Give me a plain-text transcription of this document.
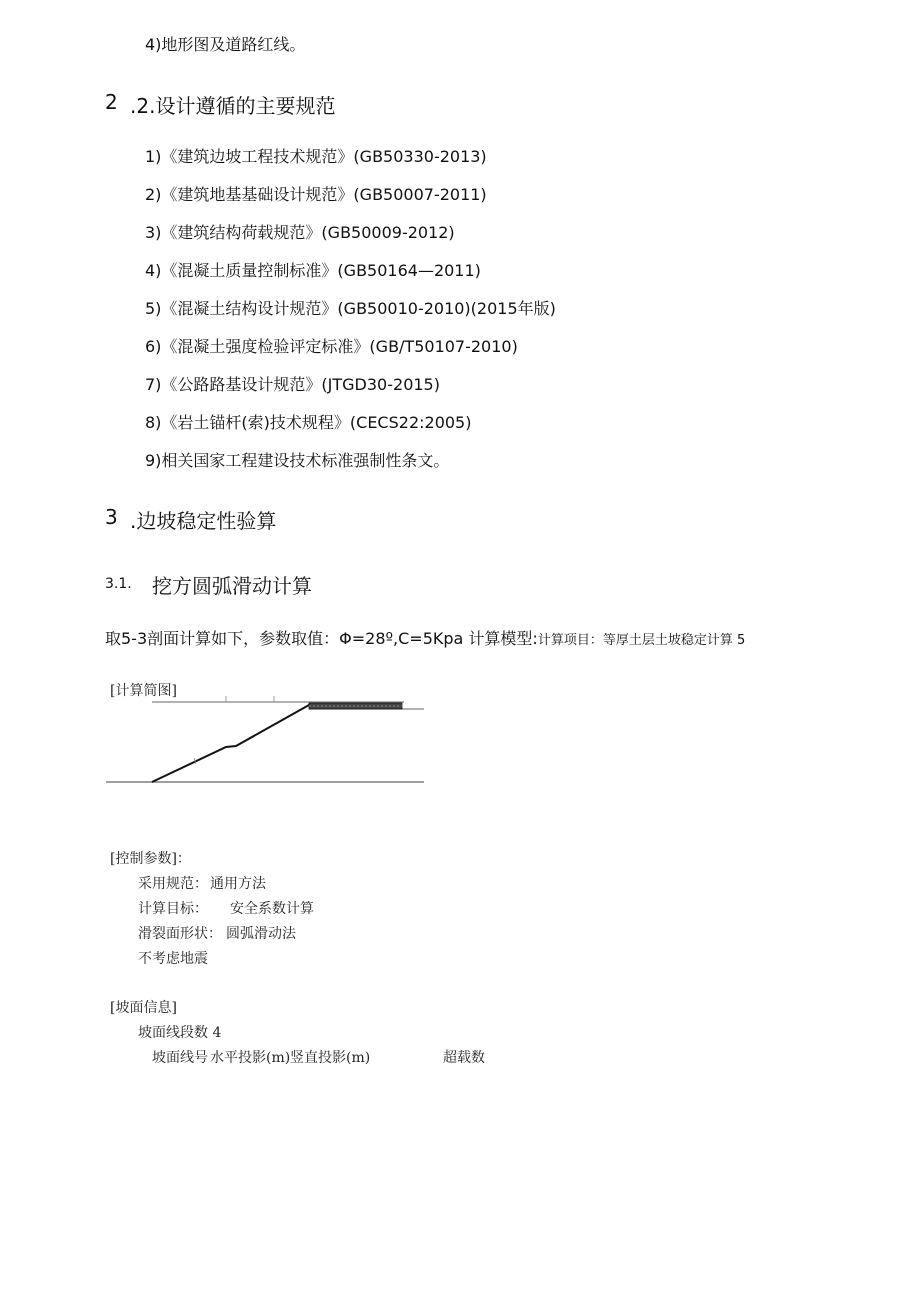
4)地形图及道路红线。
2 .2.设计遵循的主要规范
1)《建筑边坡工程技术规范》(GB50330-2013)
2)《建筑地基基础设计规范》(GB50007-2011)
3)《建筑结构荷载规范》(GB50009-2012)
4)《混凝土质量控制标准》(GB50164—2011)
5)《混凝土结构设计规范》(GB50010-2010)(2015年版)
6)《混凝土强度检验评定标准》(GB/T50107-2010)
7)《公路路基设计规范》(JTGD30-2015)
8)《岩土锚杆(索)技术规程》(CECS22:2005)
9)相关国家工程建设技术标准强制性条文。
3 .边坡稳定性验算
3.1. 挖方圆弧滑动计算
取5-3剖面计算如下，参数取值：Φ=28º,C=5Kpa 计算模型:计算项目：等厚土层土坡稳定计算 5
[计算简图]
[控制参数]：
采用规范： 通用方法
计算目标： 安全系数计算
滑裂面形状： 圆弧滑动法
不考虑地震
[坡面信息]
坡面线段数 4
坡面线号 水平投影(m) 竖直投影(m)	超载数
